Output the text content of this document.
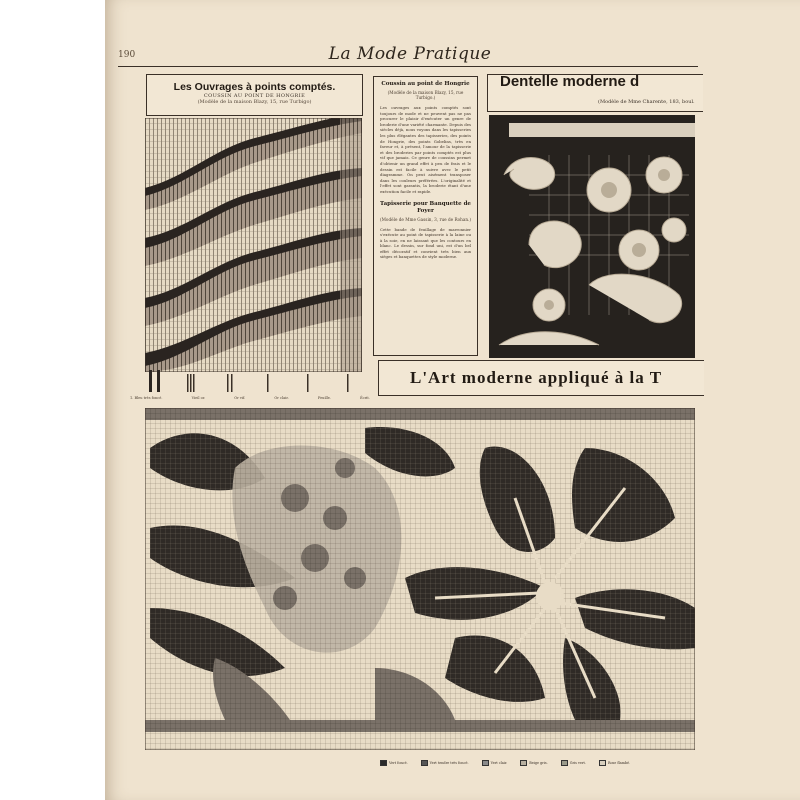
190	La Mode Pratique
Les Ouvrages à points comptés.
COUSSIN AU POINT DE HONGRIE
(Modèle de la maison Blazy, 15, rue Turbigo)
1. Bleu très foncé.	Vieil or.	Or vif.	Or clair.	Feuille.	Écrit.
Coussin au point de Hongrie
(Modèle de la maison Blazy, 15, rue Turbigo.)
Les ouvrages aux points comptés sont toujours de mode et ne peuvent pas ne pas procurer le plaisir d'exécuter un genre de broderie d'une variété charmante. Depuis des siècles déjà, nous voyons dans les tapisseries les plus élégantes des tapisseries, des points de Hongrie, des points Gobelins, très en faveur et, à présent, l'amour de la tapisserie et des broderies par points comptés est plus vif que jamais. Ce genre de coussins permet d'obtenir un grand effet à peu de frais et le dessin est facile à suivre avec le petit diagramme. On peut aisément transposer dans les couleurs préférées. L'originalité et l'effet sont garantis, la broderie étant d'une exécution facile et rapide.
Tapisserie pour Banquette de Foyer
(Modèle de Mme Gassin, 3, rue de Rohan.)
Cette bande de feuillage de marronnier s'exécute au point de tapisserie à la laine ou à la soie, en ne laissant que les contours en blanc. Le dessin, sur fond uni, est d'un bel effet décoratif et convient très bien aux sièges et banquettes de style moderne.
Dentelle moderne d
(Modèle de Mme Charente, 183, boul.
L'Art moderne appliqué à la T
Vert foncé.	Vert tendre très foncé.	Vert clair.	Beige gris.	Gris vert.	Rose flambé.
